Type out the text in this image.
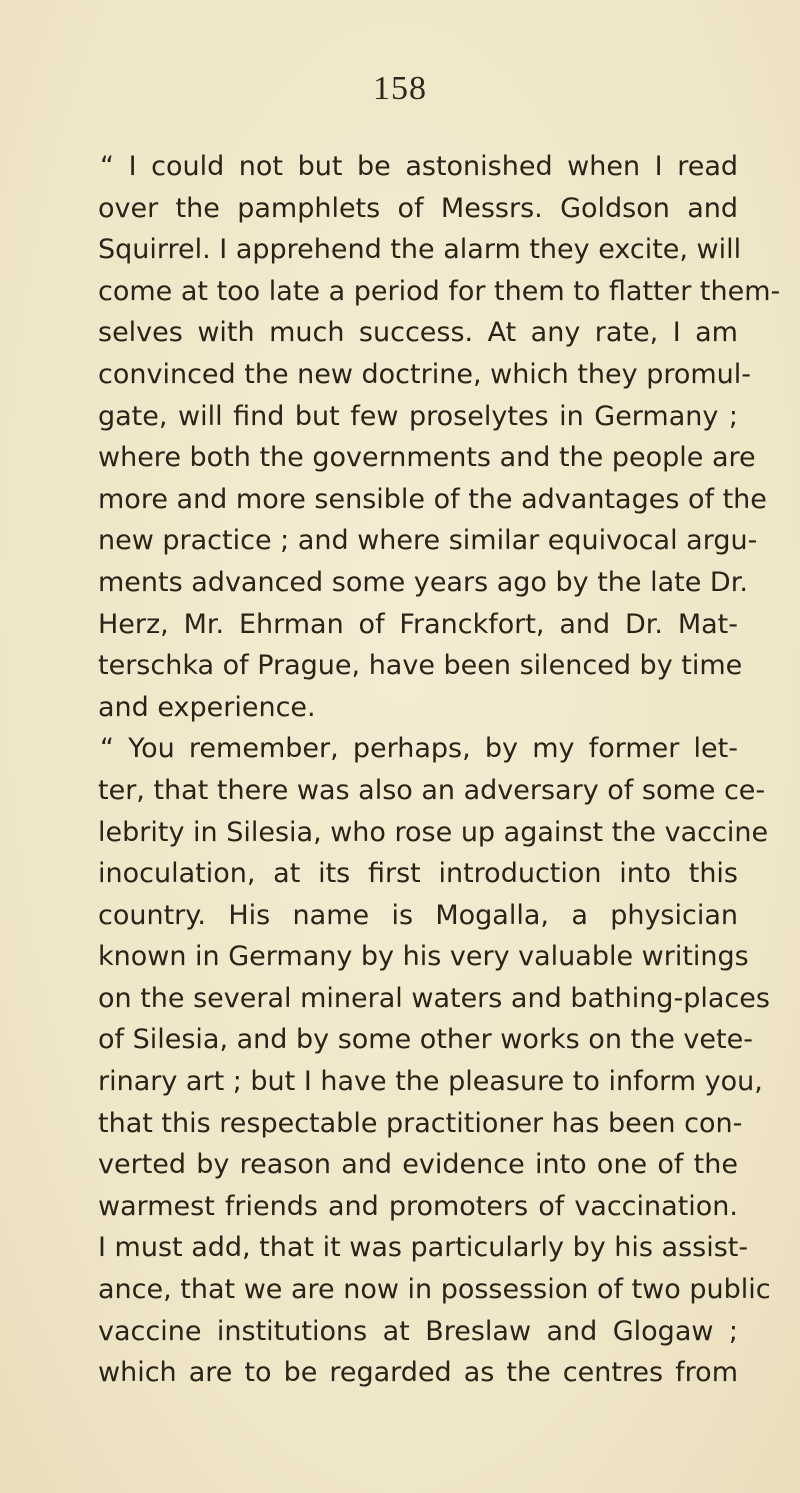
158
“ I could not but be astonished when I read
over the pamphlets of Messrs. Goldson and
Squirrel. I apprehend the alarm they excite, will
come at too late a period for them to flatter them-
selves with much success. At any rate, I am
convinced the new doctrine, which they promul-
gate, will find but few proselytes in Germany ;
where both the governments and the people are
more and more sensible of the advantages of the
new practice ; and where similar equivocal argu-
ments advanced some years ago by the late Dr.
Herz, Mr. Ehrman of Franckfort, and Dr. Mat-
terschka of Prague, have been silenced by time
and experience.
“ You remember, perhaps, by my former let-
ter, that there was also an adversary of some ce-
lebrity in Silesia, who rose up against the vaccine
inoculation, at its first introduction into this
country. His name is Mogalla, a physician
known in Germany by his very valuable writings
on the several mineral waters and bathing-places
of Silesia, and by some other works on the vete-
rinary art ; but I have the pleasure to inform you,
that this respectable practitioner has been con-
verted by reason and evidence into one of the
warmest friends and promoters of vaccination.
I must add, that it was particularly by his assist-
ance, that we are now in possession of two public
vaccine institutions at Breslaw and Glogaw ;
which are to be regarded as the centres from
